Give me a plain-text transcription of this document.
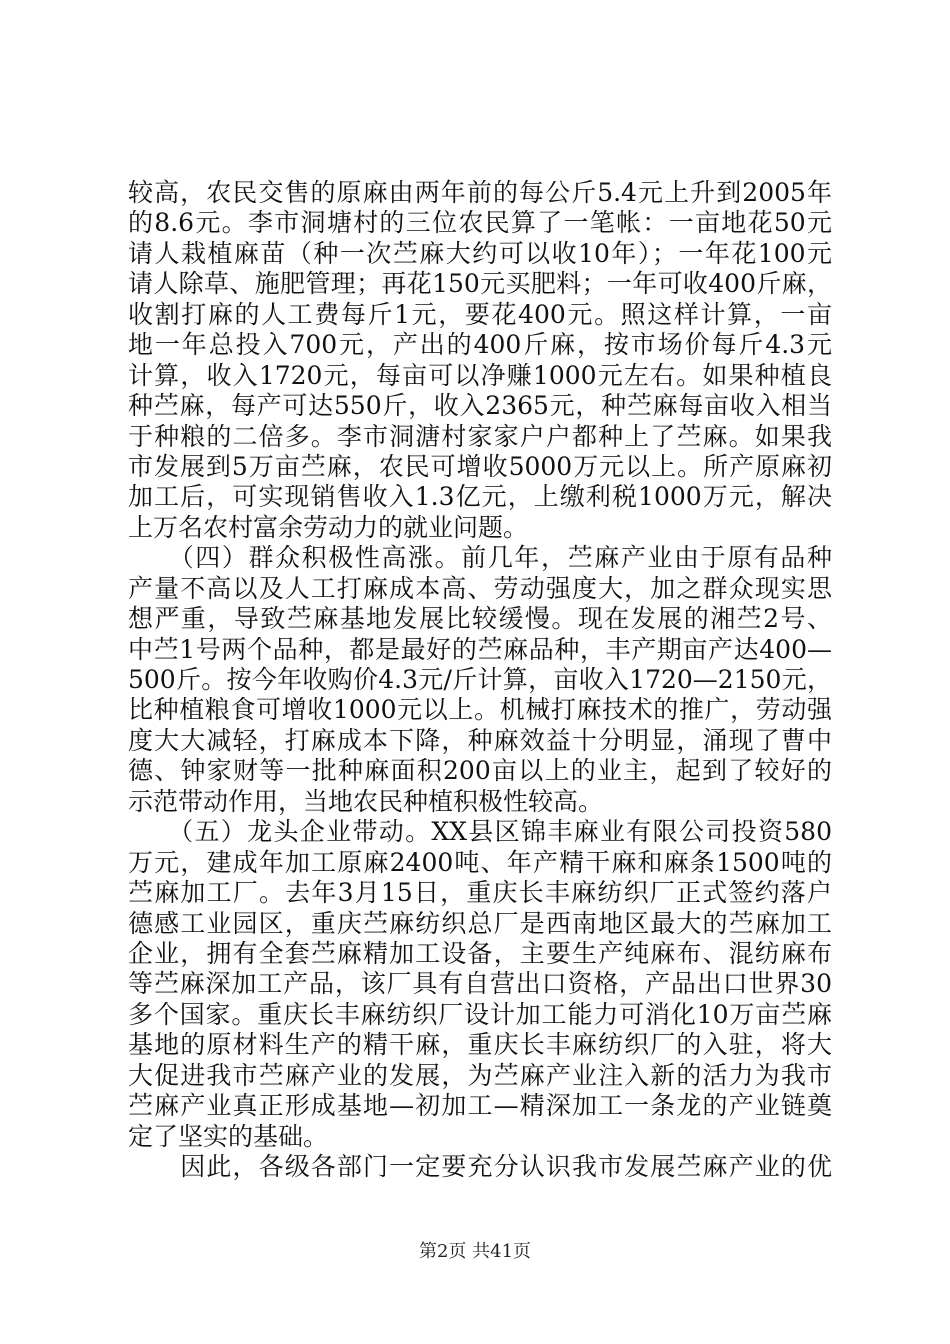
较高，农民交售的原麻由两年前的每公斤5.4元上升到2005年
的8.6元。李市洞塘村的三位农民算了一笔帐：一亩地花50元
请人栽植麻苗（种一次苎麻大约可以收10年）；一年花100元
请人除草、施肥管理；再花150元买肥料；一年可收400斤麻，
收割打麻的人工费每斤1元，要花400元。照这样计算，一亩
地一年总投入700元，产出的400斤麻，按市场价每斤4.3元
计算，收入1720元，每亩可以净赚1000元左右。如果种植良
种苎麻，每产可达550斤，收入2365元，种苎麻每亩收入相当
于种粮的二倍多。李市洞溏村家家户户都种上了苎麻。如果我
市发展到5万亩苎麻，农民可增收5000万元以上。所产原麻初
加工后，可实现销售收入1.3亿元，上缴利税1000万元，解决
上万名农村富余劳动力的就业问题。
　　（四）群众积极性高涨。前几年，苎麻产业由于原有品种
产量不高以及人工打麻成本高、劳动强度大，加之群众现实思
想严重，导致苎麻基地发展比较缓慢。现在发展的湘苎2号、
中苎1号两个品种，都是最好的苎麻品种，丰产期亩产达400—
500斤。按今年收购价4.3元/斤计算，亩收入1720—2150元，
比种植粮食可增收1000元以上。机械打麻技术的推广，劳动强
度大大减轻，打麻成本下降，种麻效益十分明显，涌现了曹中
德、钟家财等一批种麻面积200亩以上的业主，起到了较好的
示范带动作用，当地农民种植积极性较高。
　　（五）龙头企业带动。XX县区锦丰麻业有限公司投资580
万元，建成年加工原麻2400吨、年产精干麻和麻条1500吨的
苎麻加工厂。去年3月15日，重庆长丰麻纺织厂正式签约落户
德感工业园区，重庆苎麻纺织总厂是西南地区最大的苎麻加工
企业，拥有全套苎麻精加工设备，主要生产纯麻布、混纺麻布
等苎麻深加工产品，该厂具有自营出口资格，产品出口世界30
多个国家。重庆长丰麻纺织厂设计加工能力可消化10万亩苎麻
基地的原材料生产的精干麻，重庆长丰麻纺织厂的入驻，将大
大促进我市苎麻产业的发展，为苎麻产业注入新的活力为我市
苎麻产业真正形成基地—初加工—精深加工一条龙的产业链奠
定了坚实的基础。
　　因此，各级各部门一定要充分认识我市发展苎麻产业的优
第2页 共41页
